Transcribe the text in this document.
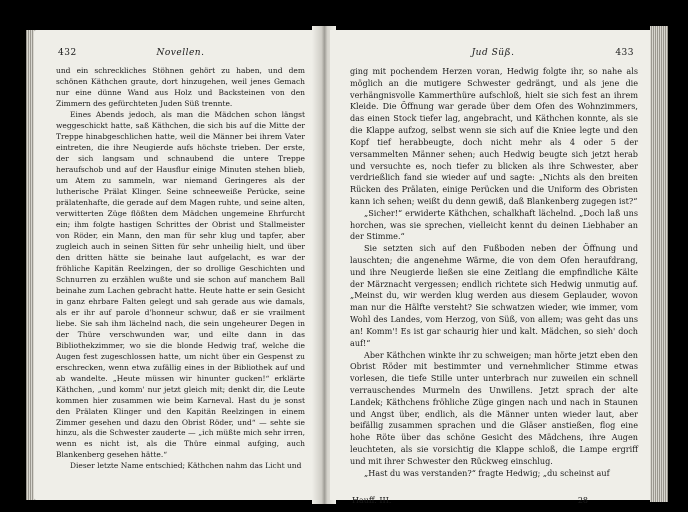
432	Novellen.

und ein schreckliches Stöhnen gehört zu haben, und dem schönen Käthchen graute, dort hinzugehen, weil jenes Gemach nur eine dünne Wand aus Holz und Backsteinen von den Zimmern des gefürchteten Juden Süß trennte.

Eines Abends jedoch, als man die Mädchen schon längst weggeschickt hatte, saß Käthchen, die sich bis auf die Mitte der Treppe hinabgeschlichen hatte, weil die Männer bei ihrem Vater eintreten, die ihre Neugierde aufs höchste trieben. Der erste, der sich langsam und schnaubend die untere Treppe heraufschob und auf der Hausflur einige Minuten stehen blieb, um Atem zu sammeln, war niemand Geringeres als der lutherische Prälat Klinger. Seine schneeweiße Perücke, seine prälatenhafte, die gerade auf dem Magen ruhte, und seine alten, verwitterten Züge flößten dem Mädchen ungemeine Ehrfurcht ein; ihm folgte hastigen Schrittes der Obrist und Stallmeister von Röder, ein Mann, den man für sehr klug und tapfer, aber zugleich auch in seinen Sitten für sehr unheilig hielt, und über den dritten hätte sie beinahe laut aufgelacht, es war der fröhliche Kapitän Reelzingen, der so drollige Geschichten und Schnurren zu erzählen wußte und sie schon auf manchem Ball beinahe zum Lachen gebracht hatte. Heute hatte er sein Gesicht in ganz ehrbare Falten gelegt und sah gerade aus wie damals, als er ihr auf parole d'honneur schwur, daß er sie vrailment liebe. Sie sah ihm lächelnd nach, die sein ungeheurer Degen in der Thüre verschwunden war, und eilte dann in das Bibliothekzimmer, wo sie die blonde Hedwig traf, welche die Augen fest zugeschlossen hatte, um nicht über ein Gespenst zu erschrecken, wenn etwa zufällig eines in der Bibliothek auf und ab wandelte. „Heute müssen wir hinunter gucken!“ erklärte Käthchen, „und komm' nur jetzt gleich mit; denkt dir, die Leute kommen hier zusammen wie beim Karneval. Hast du je sonst den Prälaten Klinger und den Kapitän Reelzingen in einem Zimmer gesehen und dazu den Obrist Röder, und“ — sehte sie hinzu, als die Schwester zauderte — „ich müßte mich sehr irren, wenn es nicht ist, als die Thüre einmal aufging, auch Blankenberg gesehen hätte.“

Dieser letzte Name entschied; Käthchen nahm das Licht und

Jud Süß.	433

ging mit pochendem Herzen voran, Hedwig folgte ihr, so nahe als möglich an die mutigere Schwester gedrängt, und als jene die verhängnisvolle Kammerthüre aufschloß, hielt sie sich fest an ihrem Kleide. Die Öffnung war gerade über dem Ofen des Wohnzimmers, das einen Stock tiefer lag, angebracht, und Käthchen konnte, als sie die Klappe aufzog, selbst wenn sie sich auf die Kniee legte und den Kopf tief herabbeugte, doch nicht mehr als 4 oder 5 der versammelten Männer sehen; auch Hedwig beugte sich jetzt herab und versuchte es, noch tiefer zu blicken als ihre Schwester, aber verdrießlich fand sie wieder auf und sagte: „Nichts als den breiten Rücken des Prälaten, einige Perücken und die Uniform des Obristen kann ich sehen; weißt du denn gewiß, daß Blankenberg zugegen ist?“

„Sicher!“ erwiderte Käthchen, schalkhaft lächelnd. „Doch laß uns horchen, was sie sprechen, vielleicht kennt du deinen Liebhaber an der Stimme.“

Sie setzten sich auf den Fußboden neben der Öffnung und lauschten; die angenehme Wärme, die von dem Ofen heraufdrang, und ihre Neugierde ließen sie eine Zeitlang die empfindliche Kälte der Märznacht vergessen; endlich richtete sich Hedwig unmutig auf. „Meinst du, wir werden klug werden aus diesem Geplauder, wovon man nur die Hälfte versteht? Sie schwatzen wieder, wie immer, vom Wohl des Landes, vom Herzog, von Süß, von allem; was geht das uns an! Komm'! Es ist gar schaurig hier und kalt. Mädchen, so sieh' doch auf!“

Aber Käthchen winkte ihr zu schweigen; man hörte jetzt eben den Obrist Röder mit bestimmter und vernehmlicher Stimme etwas vorlesen, die tiefe Stille unter unterbrach nur zuweilen ein schnell verrauschendes Murmeln des Unwillens. Jetzt sprach der alte Landek; Käthchens fröhliche Züge gingen nach und nach in Staunen und Angst über, endlich, als die Männer unten wieder laut, aber beifällig zusammen sprachen und die Gläser anstießen, flog eine hohe Röte über das schöne Gesicht des Mädchens, ihre Augen leuchteten, als sie vorsichtig die Klappe schloß, die Lampe ergriff und mit ihrer Schwester den Rückweg einschlug.

„Hast du was verstanden?“ fragte Hedwig; „du scheinst auf

Hauff. III.	28
